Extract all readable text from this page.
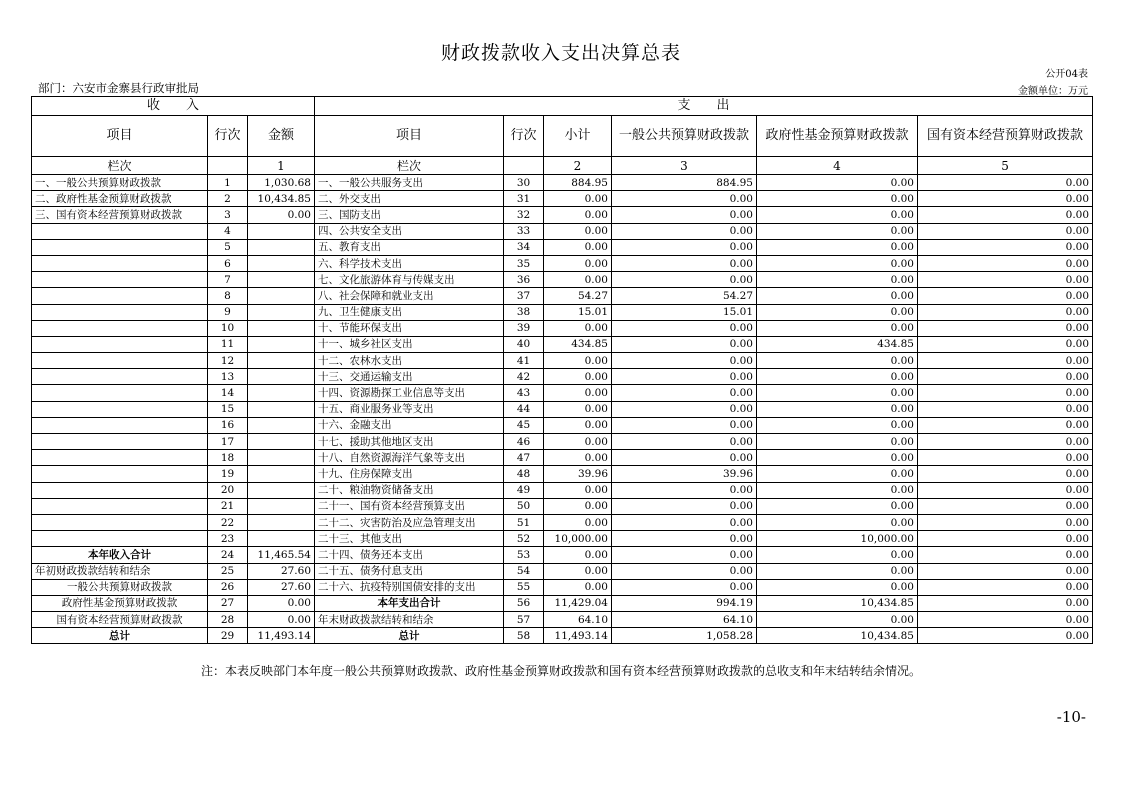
财政拨款收入支出决算总表
公开04表
部门：六安市金寨县行政审批局	金额单位：万元
收　　入			支　　出					
项目	行次	金额	项目	行次	小计	一般公共预算财政拨款	政府性基金预算财政拨款	国有资本经营预算财政拨款
栏次		1	栏次		2	3	4	5
一、一般公共预算财政拨款	1	1,030.68	一、一般公共服务支出	30	884.95	884.95	0.00	0.00
二、政府性基金预算财政拨款	2	10,434.85	二、外交支出	31	0.00	0.00	0.00	0.00
三、国有资本经营预算财政拨款	3	0.00	三、国防支出	32	0.00	0.00	0.00	0.00
	4		四、公共安全支出	33	0.00	0.00	0.00	0.00
	5		五、教育支出	34	0.00	0.00	0.00	0.00
	6		六、科学技术支出	35	0.00	0.00	0.00	0.00
	7		七、文化旅游体育与传媒支出	36	0.00	0.00	0.00	0.00
	8		八、社会保障和就业支出	37	54.27	54.27	0.00	0.00
	9		九、卫生健康支出	38	15.01	15.01	0.00	0.00
	10		十、节能环保支出	39	0.00	0.00	0.00	0.00
	11		十一、城乡社区支出	40	434.85	0.00	434.85	0.00
	12		十二、农林水支出	41	0.00	0.00	0.00	0.00
	13		十三、交通运输支出	42	0.00	0.00	0.00	0.00
	14		十四、资源勘探工业信息等支出	43	0.00	0.00	0.00	0.00
	15		十五、商业服务业等支出	44	0.00	0.00	0.00	0.00
	16		十六、金融支出	45	0.00	0.00	0.00	0.00
	17		十七、援助其他地区支出	46	0.00	0.00	0.00	0.00
	18		十八、自然资源海洋气象等支出	47	0.00	0.00	0.00	0.00
	19		十九、住房保障支出	48	39.96	39.96	0.00	0.00
	20		二十、粮油物资储备支出	49	0.00	0.00	0.00	0.00
	21		二十一、国有资本经营预算支出	50	0.00	0.00	0.00	0.00
	22		二十二、灾害防治及应急管理支出	51	0.00	0.00	0.00	0.00
	23		二十三、其他支出	52	10,000.00	0.00	10,000.00	0.00
本年收入合计	24	11,465.54	二十四、债务还本支出	53	0.00	0.00	0.00	0.00
年初财政拨款结转和结余	25	27.60	二十五、债务付息支出	54	0.00	0.00	0.00	0.00
一般公共预算财政拨款	26	27.60	二十六、抗疫特别国债安排的支出	55	0.00	0.00	0.00	0.00
政府性基金预算财政拨款	27	0.00	本年支出合计	56	11,429.04	994.19	10,434.85	0.00
国有资本经营预算财政拨款	28	0.00	年末财政拨款结转和结余	57	64.10	64.10	0.00	0.00
总计	29	11,493.14	总计	58	11,493.14	1,058.28	10,434.85	0.00
注：本表反映部门本年度一般公共预算财政拨款、政府性基金预算财政拨款和国有资本经营预算财政拨款的总收支和年末结转结余情况。
-10-
